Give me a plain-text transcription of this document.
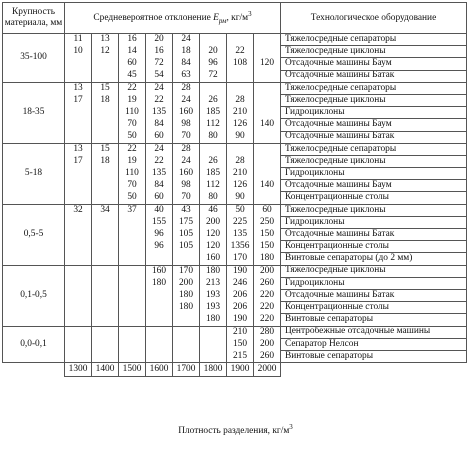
Крупность материала, мм	Средневероятное отклонение $E_{рм}$, $кг/м^3$								Технологическое оборудование
35-100	11	13	16	20	24				Тяжелосредные сепараторы
	10	12	14	16	18	20	22		Тяжелосредные циклоны
			60	72	84	96	108	120	Отсадочные машины Баум
			45	54	63	72			Отсадочные машины Батак
18-35	13	15	22	24	28				Тяжелосредные сепараторы
	17	18	19	22	24	26	28		Тяжелосредные циклоны
			110	135	160	185	210		Гидроциклоны
			70	84	98	112	126	140	Отсадочные машины Баум
			50	60	70	80	90		Отсадочные машины Батак
5-18	13	15	22	24	28				Тяжелосредные сепараторы
	17	18	19	22	24	26	28		Тяжелосредные циклоны
			110	135	160	185	210		Гидроциклоны
			70	84	98	112	126	140	Отсадочные машины Баум
			50	60	70	80	90		Концентрационные столы
0,5-5	32	34	37	40	43	46	50	60	Тяжелосредные циклоны
				155	175	200	225	250	Гидроциклоны
				96	105	120	135	150	Отсадочные машины Батак
				96	105	120	1356	150	Концентрационные столы
						160	170	180	Винтовые сепараторы (до 2 мм)
0,1-0,5				160	170	180	190	200	Тяжелосредные циклоны
				180	200	213	246	260	Гидроциклоны
					180	193	206	220	Отсадочные машины Батак
					180	193	206	220	Концентрационные столы
						180	190	220	Винтовые сепараторы
0,0-0,1							210	280	Центробежные отсадочные машины
							150	200	Сепаратор Нелсон
							215	260	Винтовые сепараторы
	1300	1400	1500	1600	1700	1800	1900	2000	
Плотность разделения, $кг/м^3$
